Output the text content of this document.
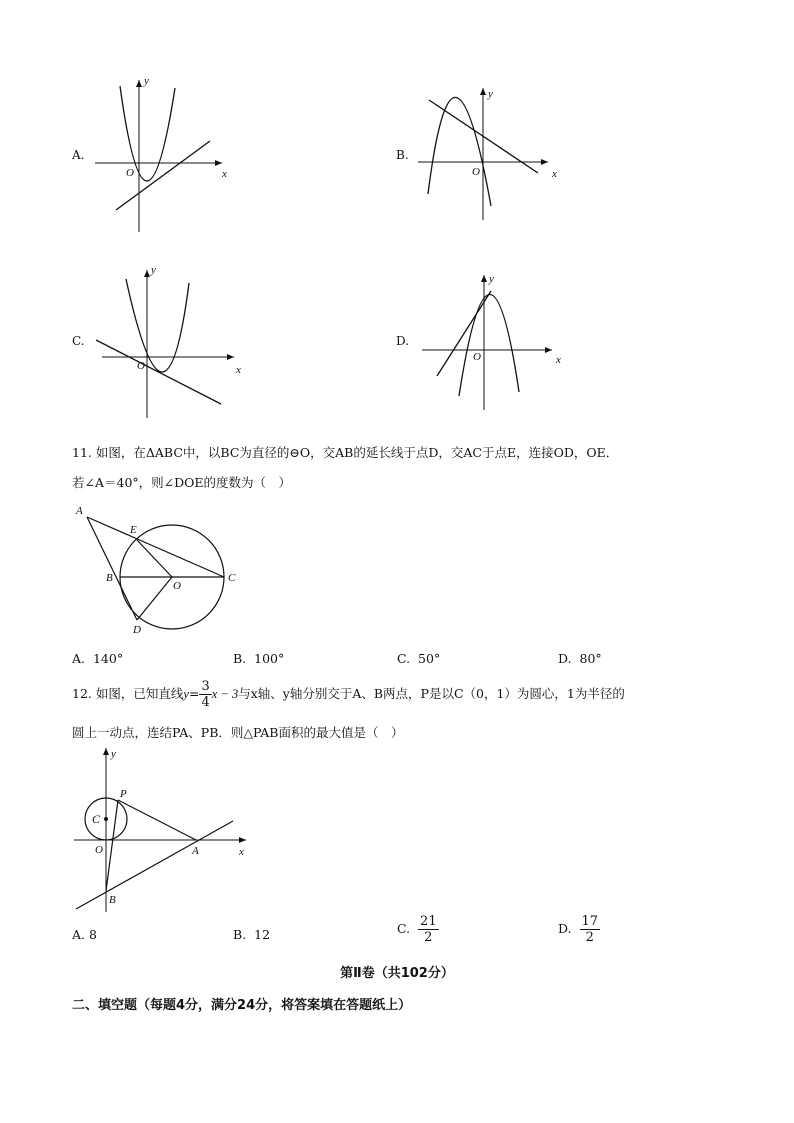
A.
O	x
y
B.
O	x
y
C.
O	x
y
D.
O	x
y
11. 如图，在ΔABC中，以BC为直径的⊖O，交AB的延长线于点D，交AC于点E，连接OD，OE．
若∠A＝40°，则∠DOE的度数为（　）
A
E
B
O
C
D
A. 140°	B. 100°	C. 50°	D. 80°
12. 如图，已知直线$y= \frac{3}{4}$ x − 3与x轴、y轴分别交于A、B两点，P是以C（0，1）为圆心，1为半径的
圆上一动点，连结PA、PB．则△PAB面积的最大值是（　）
y
x
P
C
O	A
B
A. 8	B. 12	C. $\frac{21}{2}$	D. $\frac{17}{2}$
第Ⅱ卷（共102分）
二、填空题（每题4分，满分24分，将答案填在答题纸上）
